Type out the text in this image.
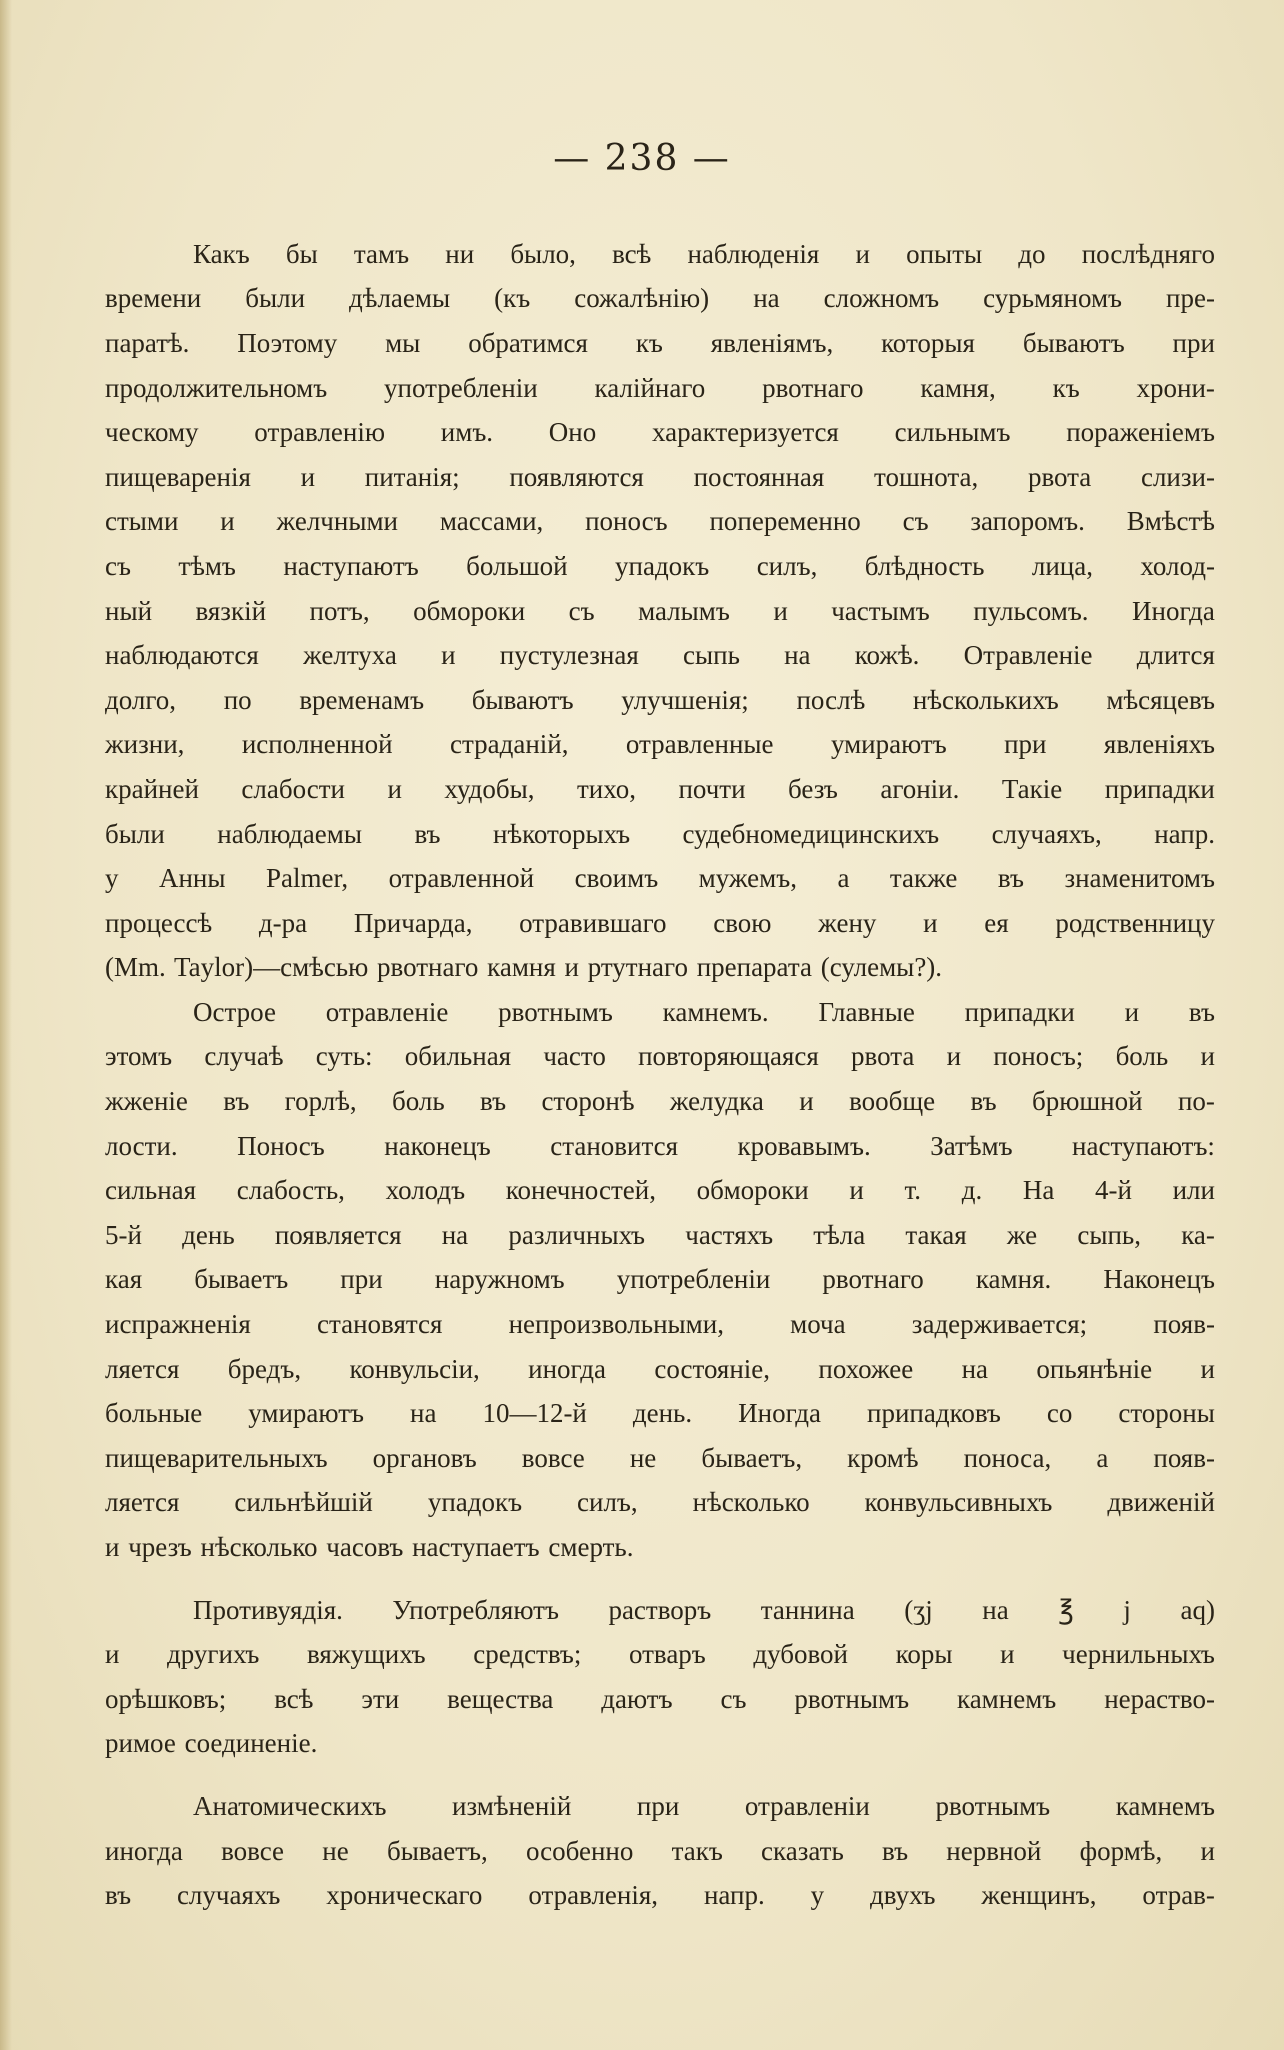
— 238 —
Какъ бы тамъ ни было, всѣ наблюденія и опыты до послѣдняго
времени были дѣлаемы (къ сожалѣнію) на сложномъ сурьмяномъ пре-
паратѣ. Поэтому мы обратимся къ явленіямъ, которыя бываютъ при
продолжительномъ употребленіи калійнаго рвотнаго камня, къ хрони-
ческому отравленію имъ. Оно характеризуется сильнымъ пораженіемъ
пищеваренія и питанія; появляются постоянная тошнота, рвота слизи-
стыми и желчными массами, поносъ попеременно съ запоромъ. Вмѣстѣ
съ тѣмъ наступаютъ большой упадокъ силъ, блѣдность лица, холод-
ный вязкій потъ, обмороки съ малымъ и частымъ пульсомъ. Иногда
наблюдаются желтуха и пустулезная сыпь на кожѣ. Отравленіе длится
долго, по временамъ бываютъ улучшенія; послѣ нѣсколькихъ мѣсяцевъ
жизни, исполненной страданій, отравленные умираютъ при явленіяхъ
крайней слабости и худобы, тихо, почти безъ агоніи. Такіе припадки
были наблюдаемы въ нѣкоторыхъ судебномедицинскихъ случаяхъ, напр.
у Анны Palmer, отравленной своимъ мужемъ, а также въ знаменитомъ
процессѣ д-ра Причарда, отравившаго свою жену и ея родственницу
(Mm. Taylor)—смѣсью рвотнаго камня и ртутнаго препарата (сулемы?).
Острое отравленіе рвотнымъ камнемъ. Главные припадки и въ
этомъ случаѣ суть: обильная часто повторяющаяся рвота и поносъ; боль и
жженіе въ горлѣ, боль въ сторонѣ желудка и вообще въ брюшной по-
лости. Поносъ наконецъ становится кровавымъ. Затѣмъ наступаютъ:
сильная слабость, холодъ конечностей, обмороки и т. д. На 4-й или
5-й день появляется на различныхъ частяхъ тѣла такая же сыпь, ка-
кая бываетъ при наружномъ употребленіи рвотнаго камня. Наконецъ
испражненія становятся непроизвольными, моча задерживается; появ-
ляется бредъ, конвульсіи, иногда состояніе, похожее на опьянѣніе и
больные умираютъ на 10—12-й день. Иногда припадковъ со стороны
пищеварительныхъ органовъ вовсе не бываетъ, кромѣ поноса, а появ-
ляется сильнѣйшій упадокъ силъ, нѣсколько конвульсивныхъ движеній
и чрезъ нѣсколько часовъ наступаетъ смерть.
Противуядія. Употребляютъ растворъ таннина (ʒj на ℥ j aq)
и другихъ вяжущихъ средствъ; отваръ дубовой коры и чернильныхъ
орѣшковъ; всѣ эти вещества даютъ съ рвотнымъ камнемъ нераство-
римое соединеніе.
Анатомическихъ измѣненій при отравленіи рвотнымъ камнемъ
иногда вовсе не бываетъ, особенно такъ сказать въ нервной формѣ, и
въ случаяхъ хроническаго отравленія, напр. у двухъ женщинъ, отрав-
